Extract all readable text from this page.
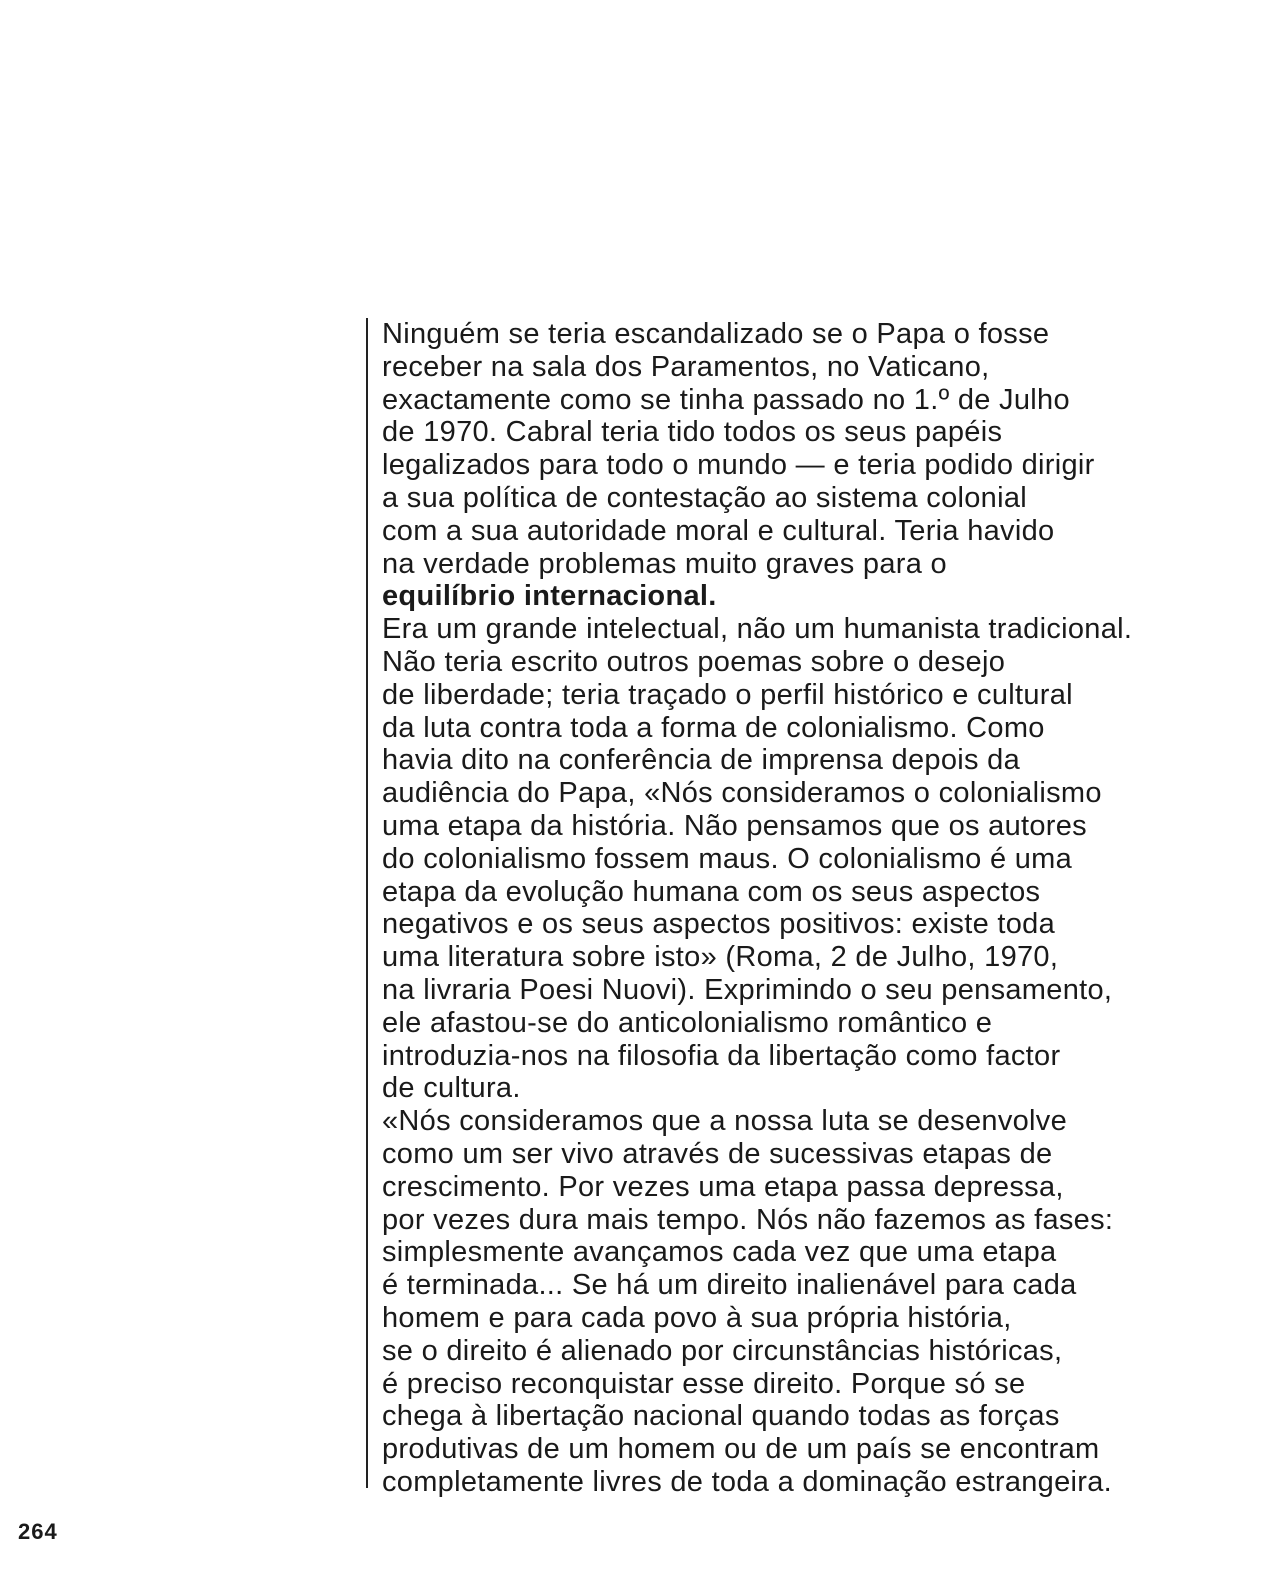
Ninguém se teria escandalizado se o Papa o fosse
receber na sala dos Paramentos, no Vaticano,
exactamente como se tinha passado no 1.º de Julho
de 1970. Cabral teria tido todos os seus papéis
legalizados para todo o mundo — e teria podido dirigir
a sua política de contestação ao sistema colonial
com a sua autoridade moral e cultural. Teria havido
na verdade problemas muito graves para o
equilíbrio internacional.
Era um grande intelectual, não um humanista tradicional.
Não teria escrito outros poemas sobre o desejo
de liberdade; teria traçado o perfil histórico e cultural
da luta contra toda a forma de colonialismo. Como
havia dito na conferência de imprensa depois da
audiência do Papa, «Nós consideramos o colonialismo
uma etapa da história. Não pensamos que os autores
do colonialismo fossem maus. O colonialismo é uma
etapa da evolução humana com os seus aspectos
negativos e os seus aspectos positivos: existe toda
uma literatura sobre isto» (Roma, 2 de Julho, 1970,
na livraria Poesi Nuovi). Exprimindo o seu pensamento,
ele afastou-se do anticolonialismo romântico e
introduzia-nos na filosofia da libertação como factor
de cultura.
«Nós consideramos que a nossa luta se desenvolve
como um ser vivo através de sucessivas etapas de
crescimento. Por vezes uma etapa passa depressa,
por vezes dura mais tempo. Nós não fazemos as fases:
simplesmente avançamos cada vez que uma etapa
é terminada... Se há um direito inalienável para cada
homem e para cada povo à sua própria história,
se o direito é alienado por circunstâncias históricas,
é preciso reconquistar esse direito. Porque só se
chega à libertação nacional quando todas as forças
produtivas de um homem ou de um país se encontram
completamente livres de toda a dominação estrangeira.
264
